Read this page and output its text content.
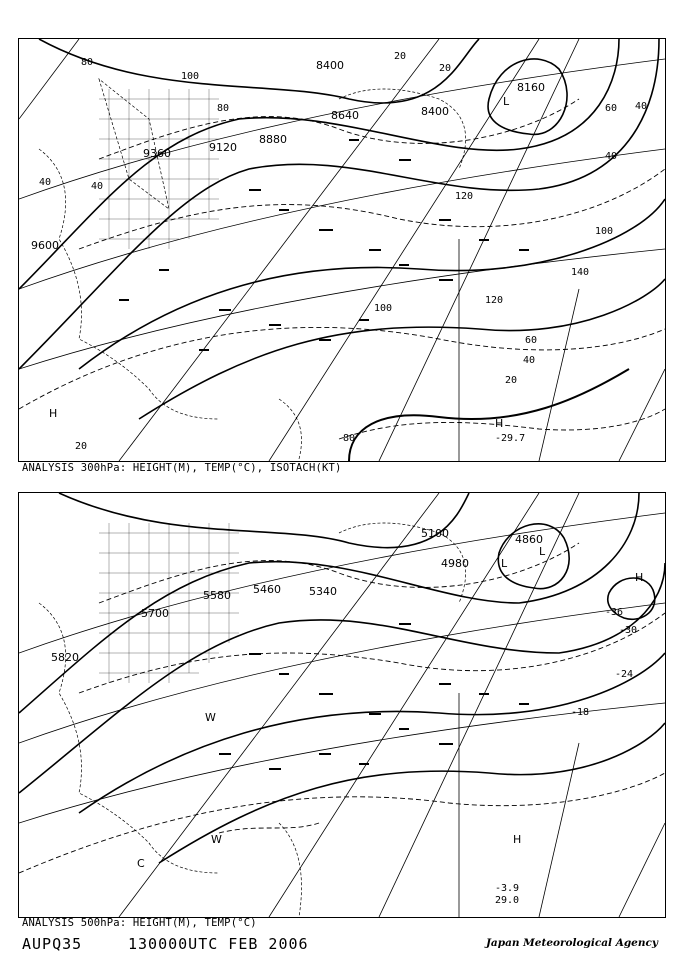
8400
8400
8640
8880
9120
9360
9600
8160
80
40
100
40
80
60
40
20
120
100
120
60
40
20
20
80
140
100
40
20
L
H
H
-29.7
ANALYSIS 300hPa: HEIGHT(M), TEMP(°C), ISOTACH(KT)
5100	4860
4980
5340
5460
5580
5700
5820
-36
-30
-24
-18
L
L
H
C
W
W
H
-3.9
29.0
ANALYSIS 500hPa: HEIGHT(M), TEMP(°C)
AUPQ35	130000UTC FEB 2006	Japan Meteorological Agency
